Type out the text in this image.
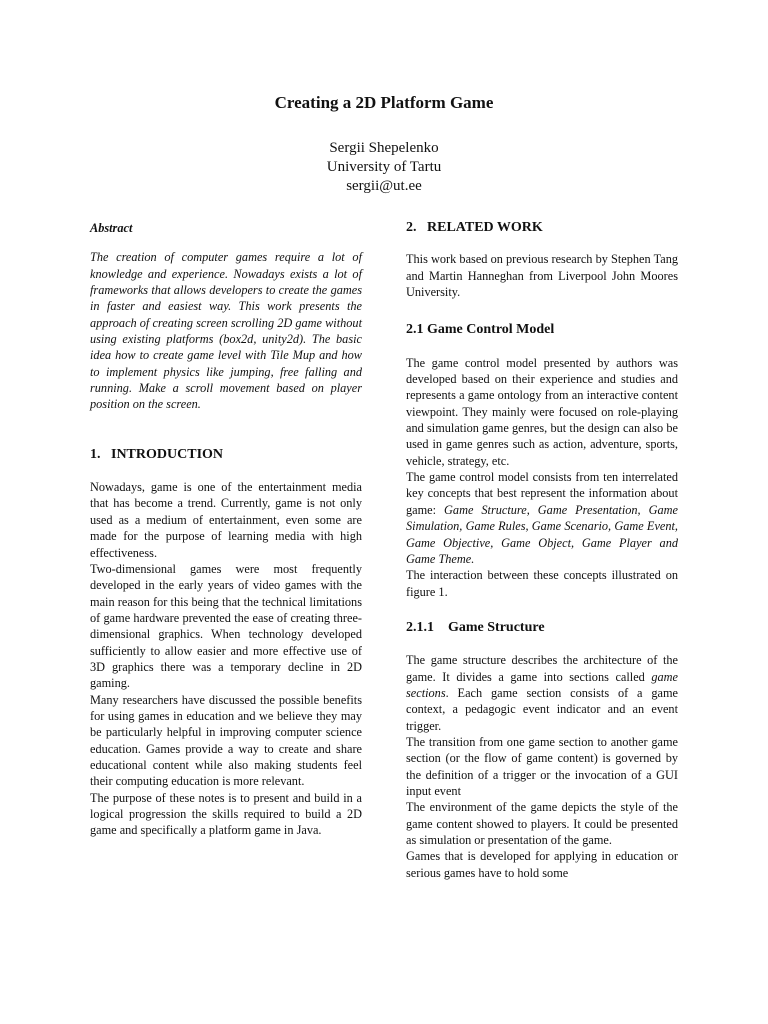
Creating a 2D Platform Game
Sergii Shepelenko
University of Tartu
sergii@ut.ee
Abstract

The creation of computer games require a lot of knowledge and experience. Nowadays exists a lot of frameworks that allows developers to create the games in faster and easiest way. This work presents the approach of creating screen scrolling 2D game without using existing platforms (box2d, unity2d). The basic idea how to create game level with Tile Mup and how to implement physics like jumping, free falling and running. Make a scroll movement based on player position on the screen.

1.   INTRODUCTION

Nowadays, game is one of the entertainment media that has become a trend. Currently, game is not only used as a medium of entertainment, even some are made for the purpose of learning media with high effectiveness.

Two-dimensional games were most frequently developed in the early years of video games with the main reason for this being that the technical limitations of game hardware prevented the ease of creating three-dimensional graphics. When technology developed sufficiently to allow easier and more effective use of 3D graphics there was a temporary decline in 2D gaming.

Many researchers have discussed the possible benefits for using games in education and we believe they may be particularly helpful in improving computer science education. Games provide a way to create and share educational content while also making students feel their computing education is more relevant.

The purpose of these notes is to present and build in a logical progression the skills required to build a 2D game and specifically a platform game in Java.

2.   RELATED WORK

This work based on previous research by Stephen Tang and Martin Hanneghan from Liverpool John Moores University.

2.1 Game Control Model

The game control model presented by authors was developed based on their experience and studies and represents a game ontology from an interactive content viewpoint. They mainly were focused on role-playing and simulation game genres, but the design can also be used in game genres such as action, adventure, sports, vehicle, strategy, etc.

The game control model consists from ten interrelated key concepts that best represent the information about game: Game Structure, Game Presentation, Game Simulation, Game Rules, Game Scenario, Game Event, Game Objective, Game Object, Game Player and Game Theme.

The interaction between these concepts illustrated on figure 1.

2.1.1    Game Structure

The game structure describes the architecture of the game. It divides a game into sections called game sections. Each game section consists of a game context, a pedagogic event indicator and an event trigger.

The transition from one game section to another game section (or the flow of game content) is governed by the definition of a trigger or the invocation of a GUI input event

The environment of the game depicts the style of the game content showed to players. It could be presented as simulation or presentation of the game.

Games that is developed for applying in education or serious games have to hold some
